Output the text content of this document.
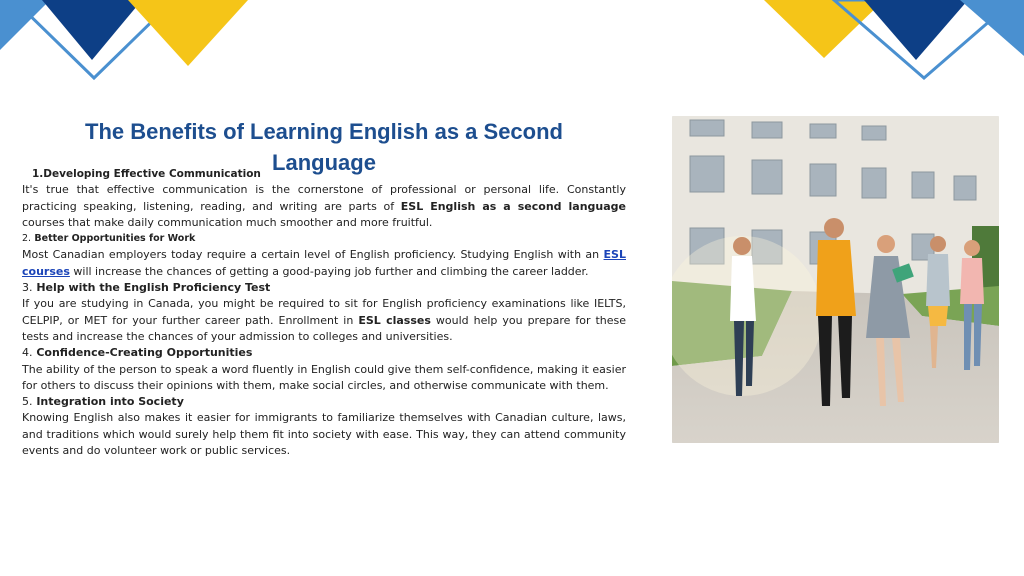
The Benefits of Learning English as a Second Language
1.Developing Effective Communication

It's true that effective communication is the cornerstone of professional or personal life. Constantly practicing speaking, listening, reading, and writing are parts of ESL English as a second language courses that make daily communication much smoother and more fruitful.

2. Better Opportunities for Work

Most Canadian employers today require a certain level of English proficiency. Studying English with an ESL courses will increase the chances of getting a good-paying job further and climbing the career ladder.

3. Help with the English Proficiency Test

If you are studying in Canada, you might be required to sit for English proficiency examinations like IELTS, CELPIP, or MET for your further career path. Enrollment in ESL classes would help you prepare for these tests and increase the chances of your admission to colleges and universities.

4. Confidence-Creating Opportunities

The ability of the person to speak a word fluently in English could give them self-confidence, making it easier for others to discuss their opinions with them, make social circles, and otherwise communicate with them.

5. Integration into Society

Knowing English also makes it easier for immigrants to familiarize themselves with Canadian culture, laws, and traditions which would surely help them fit into society with ease. This way, they can attend community events and do volunteer work or public services.
